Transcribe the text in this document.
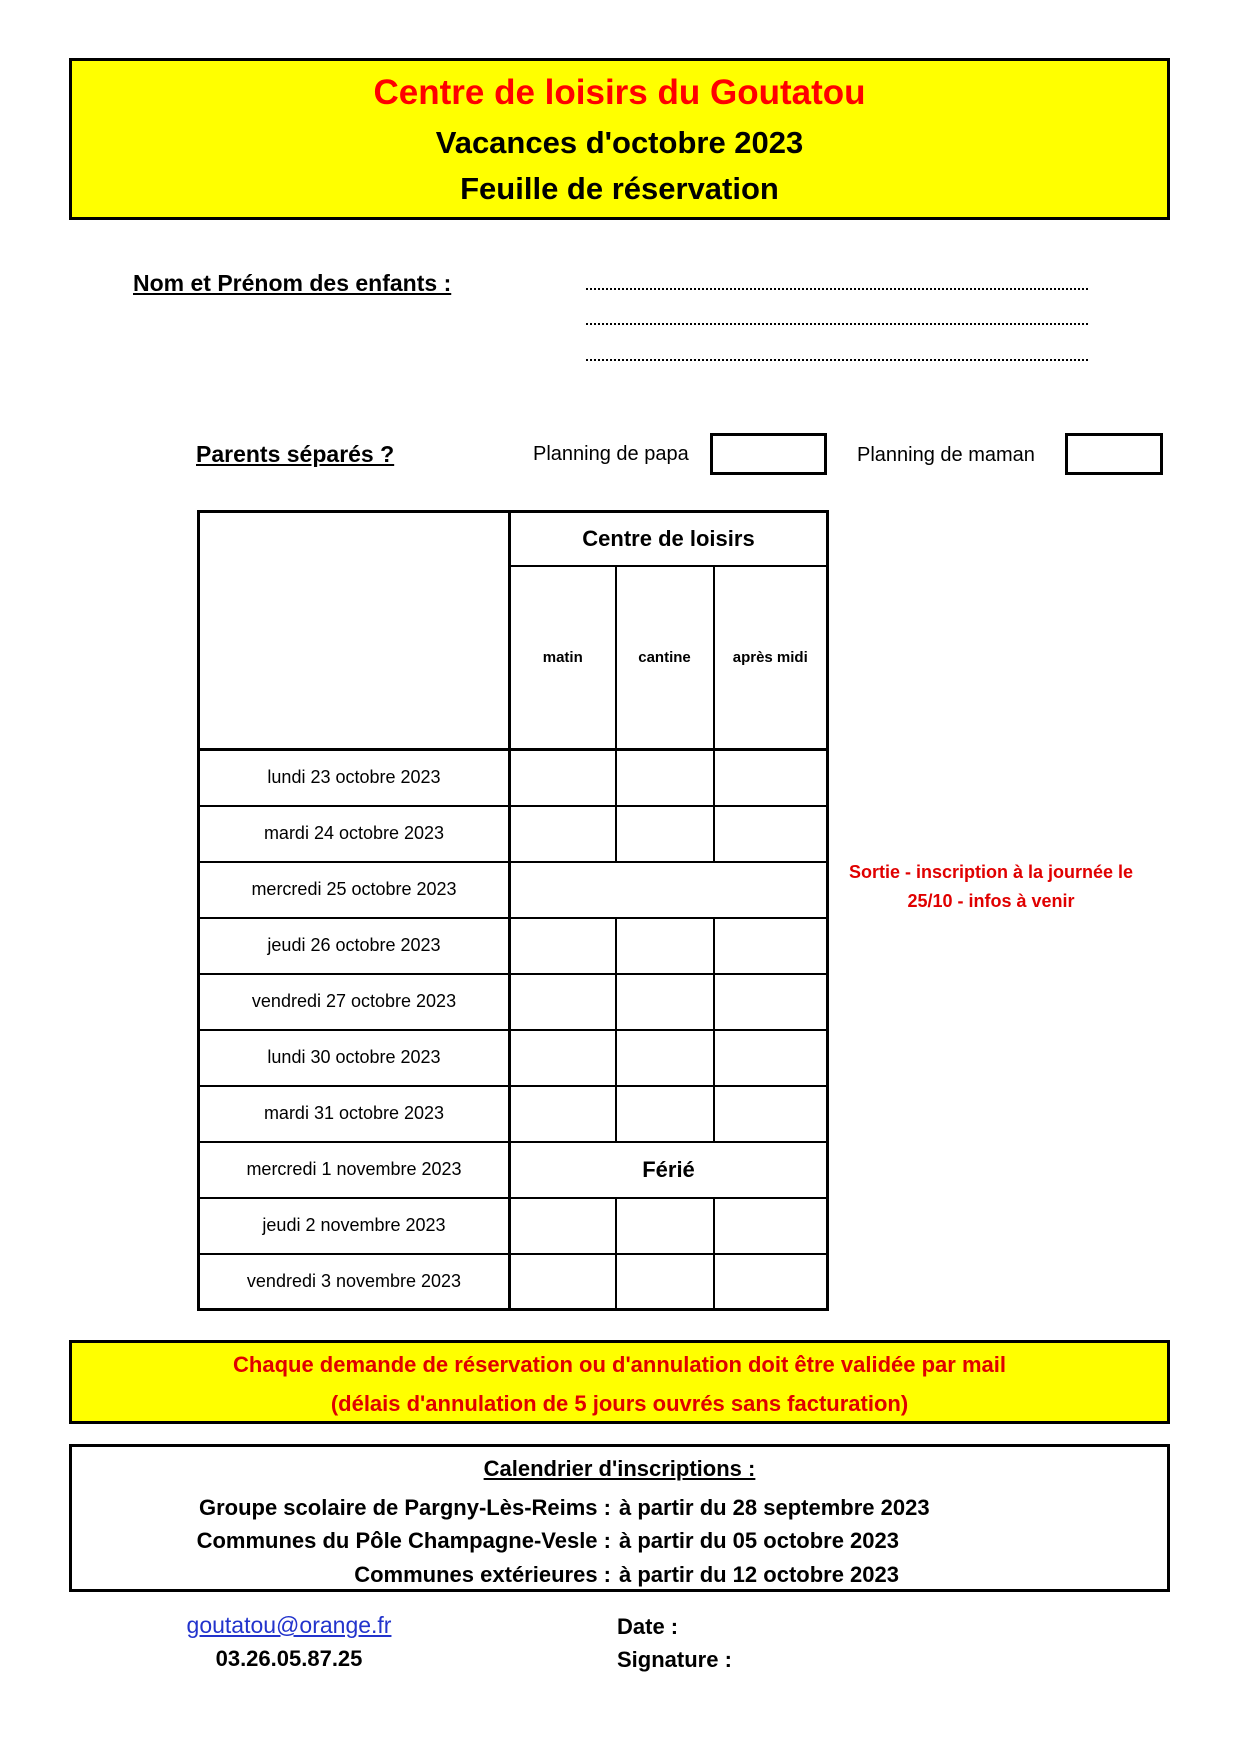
Centre de loisirs du Goutatou
Vacances d'octobre 2023
Feuille de réservation
Nom et Prénom des enfants :
Parents séparés ?	Planning de papa	Planning de maman
	Centre de loisirs		
	matin	cantine	après midi
lundi 23 octobre 2023			
mardi 24 octobre 2023			
mercredi 25 octobre 2023			
jeudi 26 octobre 2023			
vendredi 27 octobre 2023			
lundi 30 octobre 2023			
mardi 31 octobre 2023			
mercredi 1 novembre 2023	Férié		
jeudi 2 novembre 2023			
vendredi 3 novembre 2023			
Sortie - inscription à la journée le
25/10 - infos à venir
Chaque demande de réservation ou d'annulation doit être validée par mail
(délais d'annulation de 5 jours ouvrés sans facturation)
Calendrier d'inscriptions :
Groupe scolaire de Pargny-Lès-Reims : à partir du 28 septembre 2023
Communes du Pôle Champagne-Vesle : à partir du 05 octobre 2023
Communes extérieures : à partir du 12 octobre 2023
goutatou@orange.fr
03.26.05.87.25
Date :
Signature :
